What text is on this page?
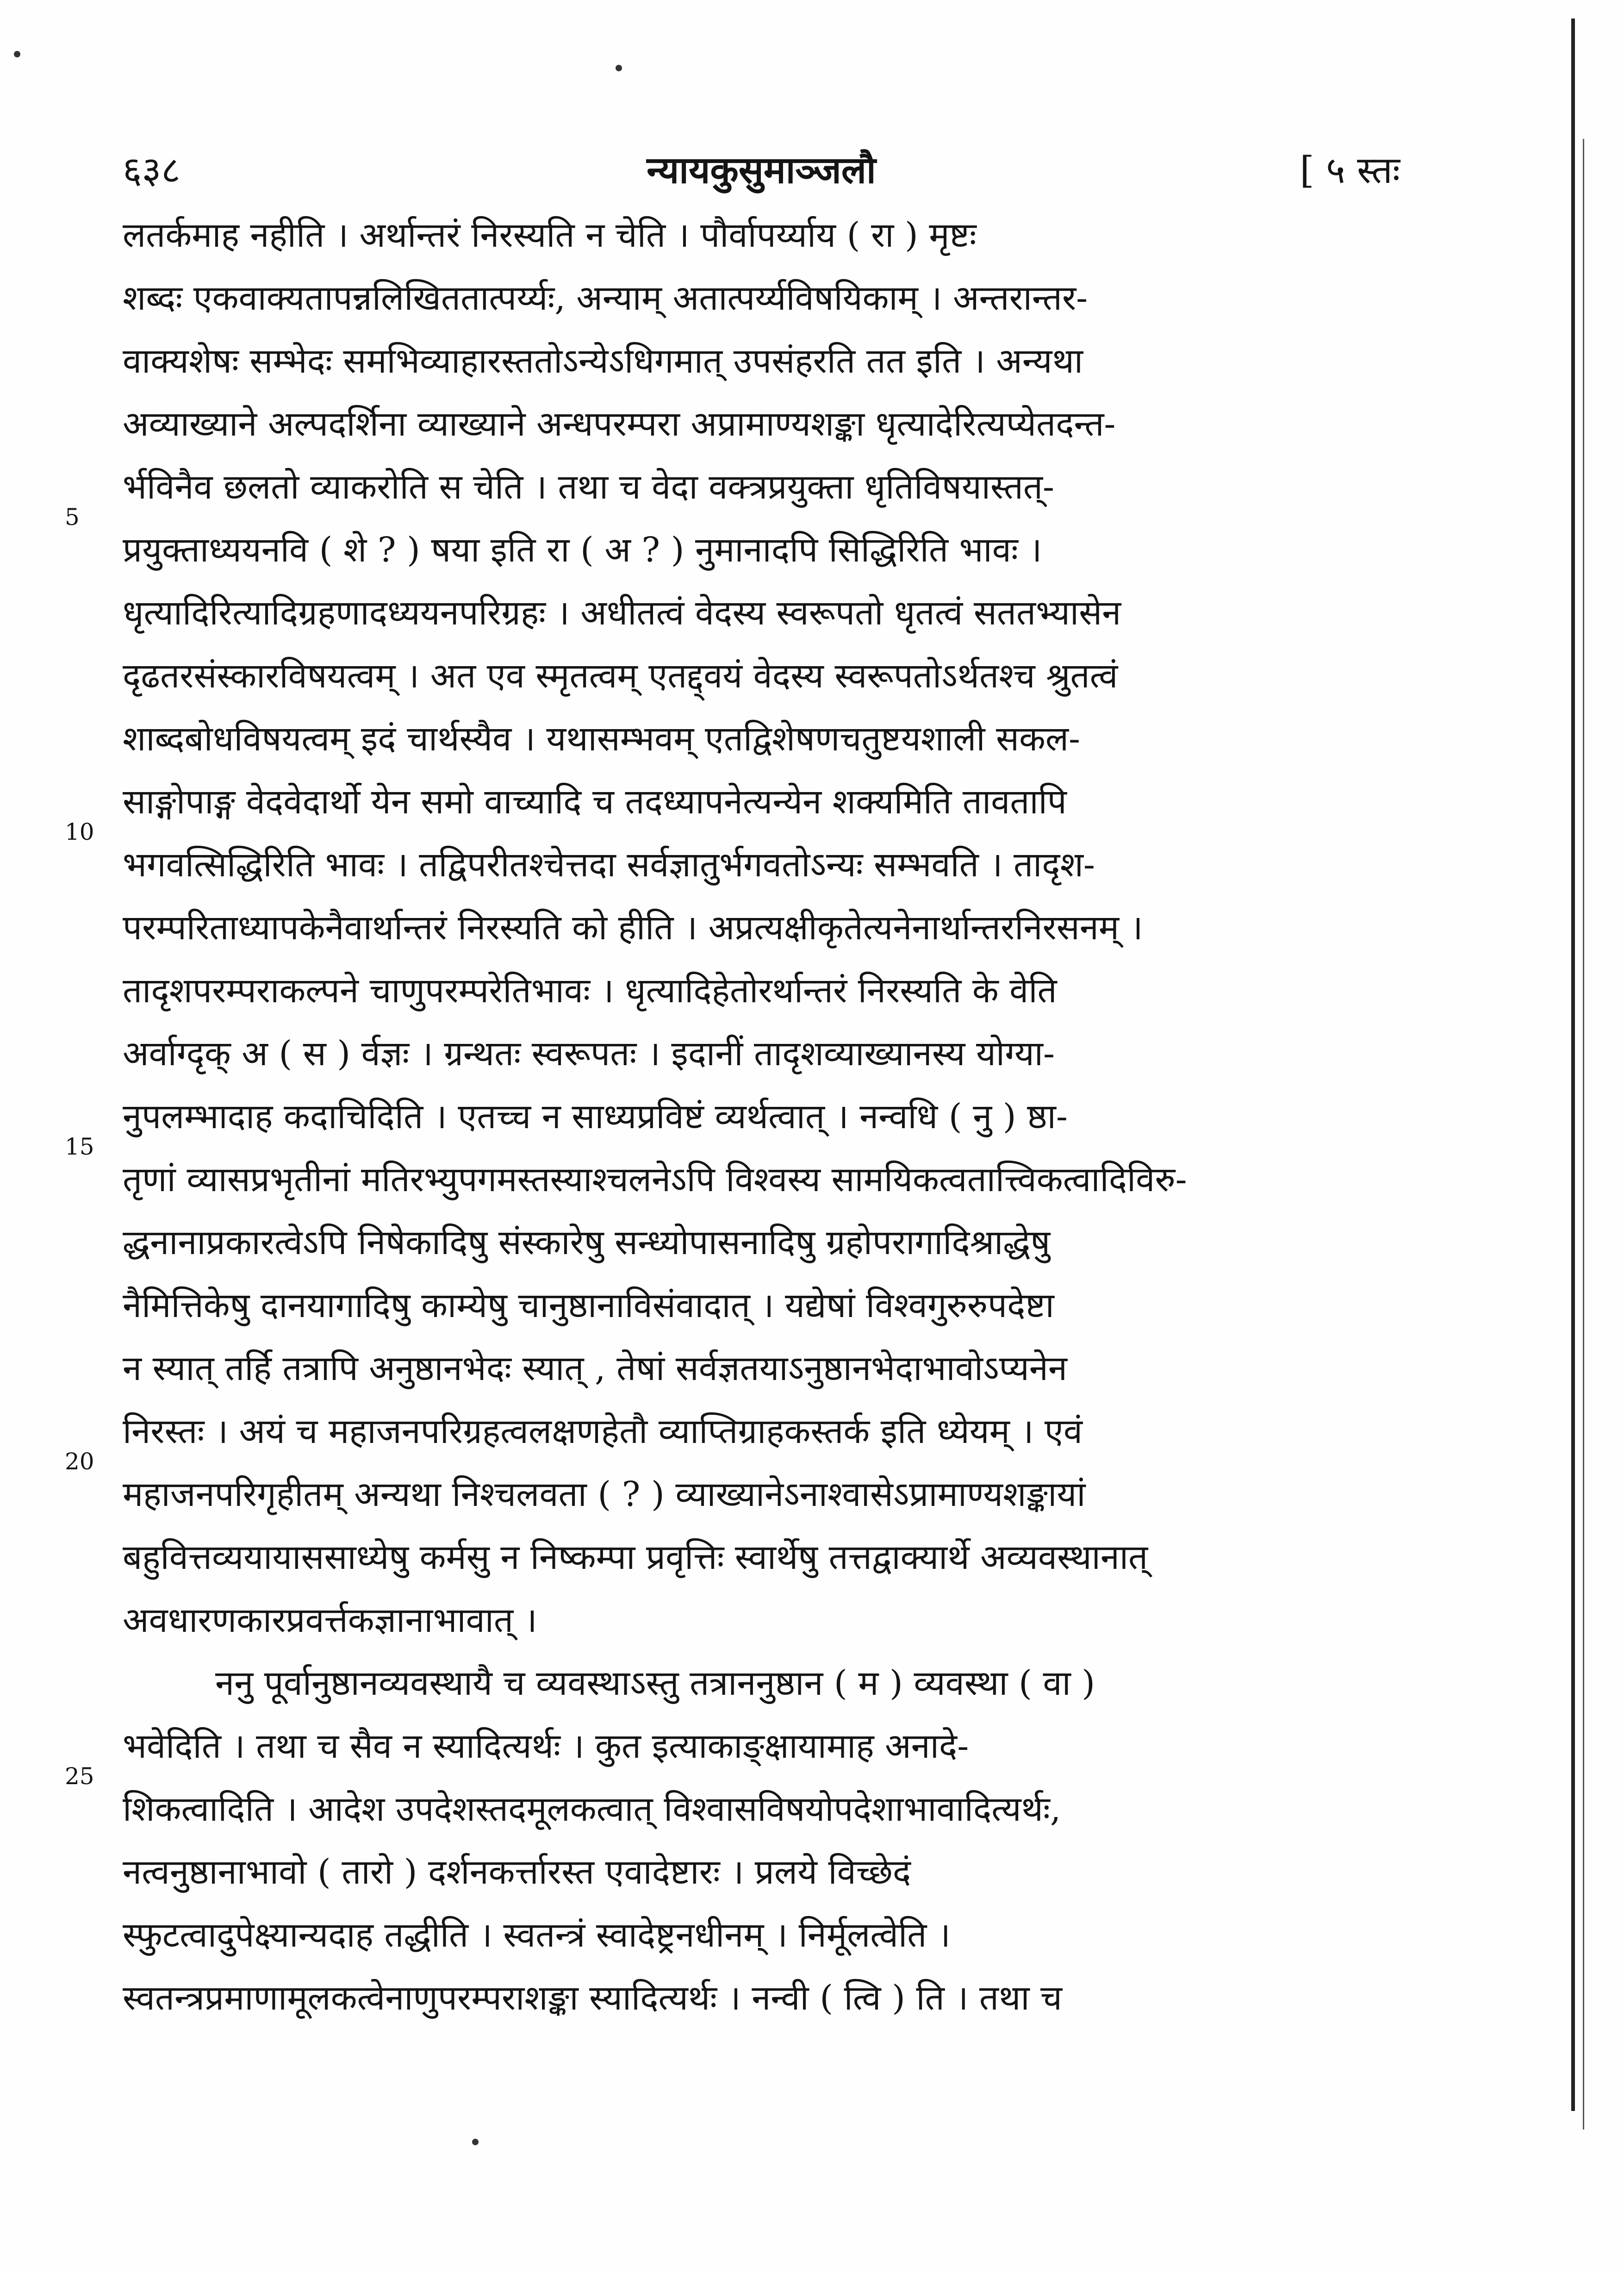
६३८	न्यायकुसुमाञ्जलौ	[ ५ स्तः
5
10
15
20
25
लतर्कमाह नहीति । अर्थान्तरं निरस्यति न चेति । पौर्वापर्य्याय ( रा ) मृष्टः
शब्दः एकवाक्यतापन्नलिखिततात्पर्य्यः, अन्याम् अतात्पर्य्यविषयिकाम् । अन्तरान्तर-
वाक्यशेषः सम्भेदः समभिव्याहारस्ततोऽन्येऽधिगमात् उपसंहरति तत इति । अन्यथा
अव्याख्याने अल्पदर्शिना व्याख्याने अन्धपरम्परा अप्रामाण्यशङ्का धृत्यादेरित्यप्येतदन्त-
र्भविनैव छलतो व्याकरोति स चेति । तथा च वेदा वक्त्रप्रयुक्ता धृतिविषयास्तत्-
प्रयुक्ताध्ययनवि ( शे ? ) षया इति रा ( अ ? ) नुमानादपि सिद्धिरिति भावः ।
धृत्यादिरित्यादिग्रहणादध्ययनपरिग्रहः । अधीतत्वं वेदस्य स्वरूपतो धृतत्वं सततभ्यासेन
दृढतरसंस्कारविषयत्वम् । अत एव स्मृतत्वम् एतद्द्वयं वेदस्य स्वरूपतोऽर्थतश्च श्रुतत्वं
शाब्दबोधविषयत्वम् इदं चार्थस्यैव । यथासम्भवम् एतद्विशेषणचतुष्टयशाली सकल-
साङ्गोपाङ्ग वेदवेदार्थो येन समो वाच्यादि च तदध्यापनेत्यन्येन शक्यमिति तावतापि
भगवत्सिद्धिरिति भावः । तद्विपरीतश्चेत्तदा सर्वज्ञातुर्भगवतोऽन्यः सम्भवति । तादृश-
परम्परिताध्यापकेनैवार्थान्तरं निरस्यति को हीति । अप्रत्यक्षीकृतेत्यनेनार्थान्तरनिरसनम् ।
तादृशपरम्पराकल्पने चाणुपरम्परेतिभावः । धृत्यादिहेतोरर्थान्तरं निरस्यति के वेति
अर्वाग्दृक् अ ( स ) र्वज्ञः । ग्रन्थतः स्वरूपतः । इदानीं तादृशव्याख्यानस्य योग्या-
नुपलम्भादाह कदाचिदिति । एतच्च न साध्यप्रविष्टं व्यर्थत्वात् । नन्वधि ( नु ) ष्ठा-
तृणां व्यासप्रभृतीनां मतिरभ्युपगमस्तस्याश्चलनेऽपि विश्वस्य सामयिकत्वतात्त्विकत्वादिविरु-
द्धनानाप्रकारत्वेऽपि निषेकादिषु संस्कारेषु सन्ध्योपासनादिषु ग्रहोपरागादिश्राद्धेषु
नैमित्तिकेषु दानयागादिषु काम्येषु चानुष्ठानाविसंवादात् । यद्येषां विश्वगुरुरुपदेष्टा
न स्यात् तर्हि तत्रापि अनुष्ठानभेदः स्यात् , तेषां सर्वज्ञतयाऽनुष्ठानभेदाभावोऽप्यनेन
निरस्तः । अयं च महाजनपरिग्रहत्वलक्षणहेतौ व्याप्तिग्राहकस्तर्क इति ध्येयम् । एवं
महाजनपरिगृहीतम् अन्यथा निश्चलवता ( ? ) व्याख्यानेऽनाश्वासेऽप्रामाण्यशङ्कायां
बहुवित्तव्ययायाससाध्येषु कर्मसु न निष्कम्पा प्रवृत्तिः स्वार्थेषु तत्तद्वाक्यार्थे अव्यवस्थानात्
अवधारणकारप्रवर्त्तकज्ञानाभावात् ।
ननु पूर्वानुष्ठानव्यवस्थायै च व्यवस्थाऽस्तु तत्राननुष्ठान ( म ) व्यवस्था ( वा )
भवेदिति । तथा च सैव न स्यादित्यर्थः । कुत इत्याकाङ्क्षायामाह अनादे-
शिकत्वादिति । आदेश उपदेशस्तदमूलकत्वात् विश्वासविषयोपदेशाभावादित्यर्थः,
नत्वनुष्ठानाभावो ( तारो ) दर्शनकर्त्तारस्त एवादेष्टारः । प्रलये विच्छेदं
स्फुटत्वादुपेक्ष्यान्यदाह तद्धीति । स्वतन्त्रं स्वादेष्ट्रनधीनम् । निर्मूलत्वेति ।
स्वतन्त्रप्रमाणामूलकत्वेनाणुपरम्पराशङ्का स्यादित्यर्थः । नन्वी ( त्वि ) ति । तथा च
